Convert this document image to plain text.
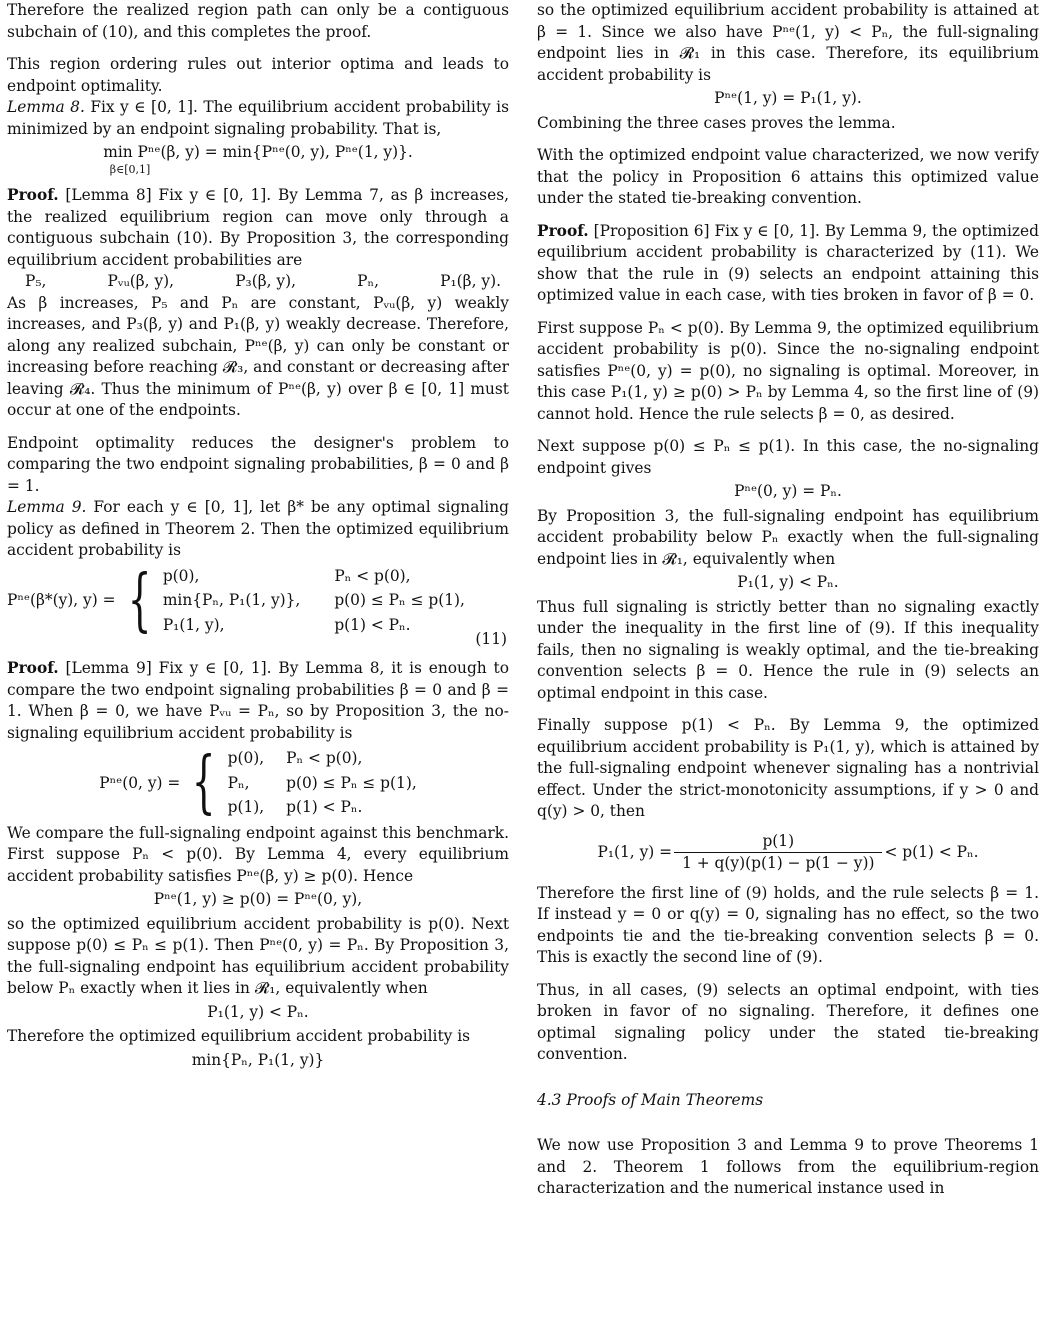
Therefore the realized region path can only be a contiguous subchain of (10), and this completes the proof.

This region ordering rules out interior optima and leads to endpoint optimality.

Lemma 8. Fix y ∈ [0, 1]. The equilibrium accident probability is minimized by an endpoint signaling probability. That is,

min Pⁿᵉ(β, y) = min{Pⁿᵉ(0, y), Pⁿᵉ(1, y)}.
$^{\beta\in[0,1]}$

Proof. [Lemma 8] Fix y ∈ [0, 1]. By Lemma 7, as β increases, the realized equilibrium region can move only through a contiguous subchain (10). By Proposition 3, the corresponding equilibrium accident probabilities are

P₅,	Pᵥᵤ(β, y),	P₃(β, y),	Pₙ,	P₁(β, y).

As β increases, P₅ and Pₙ are constant, Pᵥᵤ(β, y) weakly increases, and P₃(β, y) and P₁(β, y) weakly decrease. Therefore, along any realized subchain, Pⁿᵉ(β, y) can only be constant or increasing before reaching 𝓡₃, and constant or decreasing after leaving 𝓡₄. Thus the minimum of Pⁿᵉ(β, y) over β ∈ [0, 1] must occur at one of the endpoints.

Endpoint optimality reduces the designer's problem to comparing the two endpoint signaling probabilities, β = 0 and β = 1.

Lemma 9. For each y ∈ [0, 1], let β* be any optimal signaling policy as defined in Theorem 2. Then the optimized equilibrium accident probability is

Pⁿᵉ(β*(y), y) = { p(0),	Pₙ < p(0),
min{Pₙ, P₁(1, y)}, p(0) ≤ Pₙ ≤ p(1),
P₁(1, y),	p(1) < Pₙ.
(11)

Proof. [Lemma 9] Fix y ∈ [0, 1]. By Lemma 8, it is enough to compare the two endpoint signaling probabilities β = 0 and β = 1. When β = 0, we have Pᵥᵤ = Pₙ, so by Proposition 3, the no-signaling equilibrium accident probability is

Pⁿᵉ(0, y) = { p(0), Pₙ < p(0),
Pₙ,	p(0) ≤ Pₙ ≤ p(1),
p(1), p(1) < Pₙ.

We compare the full-signaling endpoint against this benchmark. First suppose Pₙ < p(0). By Lemma 4, every equilibrium accident probability satisfies Pⁿᵉ(β, y) ≥ p(0). Hence

Pⁿᵉ(1, y) ≥ p(0) = Pⁿᵉ(0, y),

so the optimized equilibrium accident probability is p(0). Next suppose p(0) ≤ Pₙ ≤ p(1). Then Pⁿᵉ(0, y) = Pₙ. By Proposition 3, the full-signaling endpoint has equilibrium accident probability below Pₙ exactly when it lies in 𝓡₁, equivalently when

P₁(1, y) < Pₙ.

Therefore the optimized equilibrium accident probability is

min{Pₙ, P₁(1, y)}

so the optimized equilibrium accident probability is attained at β = 1. Since we also have Pⁿᵉ(1, y) < Pₙ, the full-signaling endpoint lies in 𝓡₁ in this case. Therefore, its equilibrium accident probability is

Pⁿᵉ(1, y) = P₁(1, y).

Combining the three cases proves the lemma.

With the optimized endpoint value characterized, we now verify that the policy in Proposition 6 attains this optimized value under the stated tie-breaking convention.

Proof. [Proposition 6] Fix y ∈ [0, 1]. By Lemma 9, the optimized equilibrium accident probability is characterized by (11). We show that the rule in (9) selects an endpoint attaining this optimized value in each case, with ties broken in favor of β = 0.

First suppose Pₙ < p(0). By Lemma 9, the optimized equilibrium accident probability is p(0). Since the no-signaling endpoint satisfies Pⁿᵉ(0, y) = p(0), no signaling is optimal. Moreover, in this case P₁(1, y) ≥ p(0) > Pₙ by Lemma 4, so the first line of (9) cannot hold. Hence the rule selects β = 0, as desired.

Next suppose p(0) ≤ Pₙ ≤ p(1). In this case, the no-signaling endpoint gives

Pⁿᵉ(0, y) = Pₙ.

By Proposition 3, the full-signaling endpoint has equilibrium accident probability below Pₙ exactly when the full-signaling endpoint lies in 𝓡₁, equivalently when

P₁(1, y) < Pₙ.

Thus full signaling is strictly better than no signaling exactly under the inequality in the first line of (9). If this inequality fails, then no signaling is weakly optimal, and the tie-breaking convention selects β = 0. Hence the rule in (9) selects an optimal endpoint in this case.

Finally suppose p(1) < Pₙ. By Lemma 9, the optimized equilibrium accident probability is P₁(1, y), which is attained by the full-signaling endpoint whenever signaling has a nontrivial effect. Under the strict-monotonicity assumptions, if y > 0 and q(y) > 0, then

P₁(1, $y) = \frac{p(1)}{1 + q(y)(p(1) - p(1 - y))} < p(1) < P_n$.

Therefore the first line of (9) holds, and the rule selects β = 1. If instead y = 0 or q(y) = 0, signaling has no effect, so the two endpoints tie and the tie-breaking convention selects β = 0. This is exactly the second line of (9).

Thus, in all cases, (9) selects an optimal endpoint, with ties broken in favor of no signaling. Therefore, it defines one optimal signaling policy under the stated tie-breaking convention.

4.3 Proofs of Main Theorems

We now use Proposition 3 and Lemma 9 to prove Theorems 1 and 2. Theorem 1 follows from the equilibrium-region characterization and the numerical instance used in
